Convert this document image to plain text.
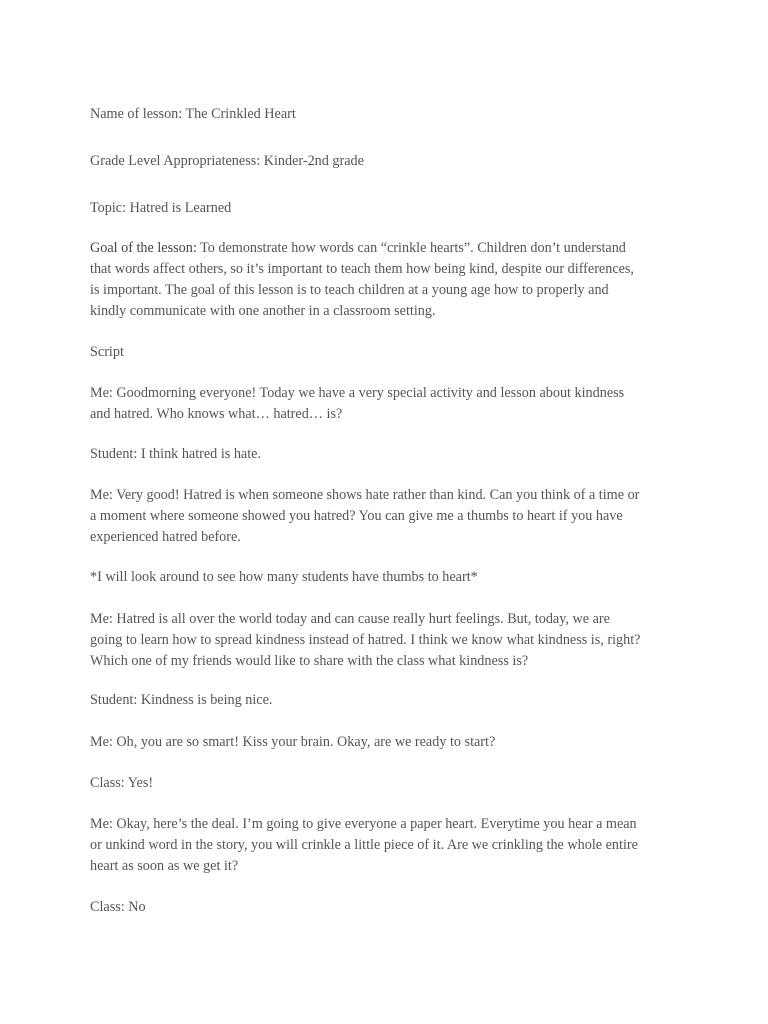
Name of lesson: The Crinkled Heart

Grade Level Appropriateness: Kinder-2nd grade

Topic: Hatred is Learned

Goal of the lesson: To demonstrate how words can “crinkle hearts”. Children don’t understand
that words affect others, so it’s important to teach them how being kind, despite our differences,
is important. The goal of this lesson is to teach children at a young age how to properly and
kindly communicate with one another in a classroom setting.

Script

Me: Goodmorning everyone! Today we have a very special activity and lesson about kindness
and hatred. Who knows what… hatred… is?

Student: I think hatred is hate.

Me: Very good! Hatred is when someone shows hate rather than kind. Can you think of a time or
a moment where someone showed you hatred? You can give me a thumbs to heart if you have
experienced hatred before.

*I will look around to see how many students have thumbs to heart*

Me: Hatred is all over the world today and can cause really hurt feelings. But, today, we are
going to learn how to spread kindness instead of hatred. I think we know what kindness is, right?
Which one of my friends would like to share with the class what kindness is?

Student: Kindness is being nice.

Me: Oh, you are so smart! Kiss your brain. Okay, are we ready to start?

Class: Yes!

Me: Okay, here’s the deal. I’m going to give everyone a paper heart. Everytime you hear a mean
or unkind word in the story, you will crinkle a little piece of it. Are we crinkling the whole entire
heart as soon as we get it?

Class: No
